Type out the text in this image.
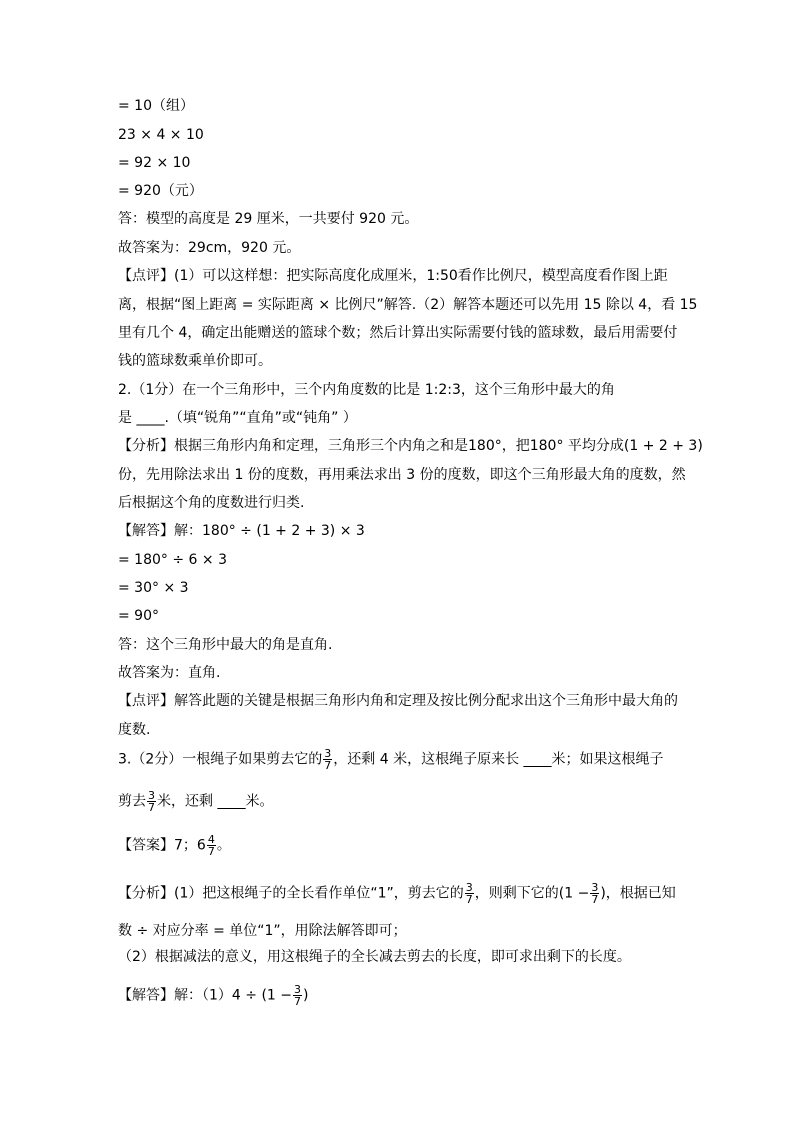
= 10（组）
23 × 4 × 10
= 92 × 10
= 920（元）
答：模型的高度是 29 厘米，一共要付 920 元。
故答案为：29cm，920 元。
【点评】(1）可以这样想：把实际高度化成厘米，1:50看作比例尺，模型高度看作图上距
离，根据“图上距离 = 实际距离 × 比例尺”解答.（2）解答本题还可以先用 15 除以 4，看 15
里有几个 4，确定出能赠送的篮球个数；然后计算出实际需要付钱的篮球数，最后用需要付
钱的篮球数乘单价即可。
2.（1分）在一个三角形中，三个内角度数的比是 1:2:3，这个三角形中最大的角
是 ____.（填“锐角”“直角”或“钝角” ）
【分析】根据三角形内角和定理，三角形三个内角之和是180°，把180° 平均分成(1 + 2 + 3)
份，先用除法求出 1 份的度数，再用乘法求出 3 份的度数，即这个三角形最大角的度数，然
后根据这个角的度数进行归类.
【解答】解：180° ÷ (1 + 2 + 3) × 3
= 180° ÷ 6 × 3
= 30° × 3
= 90°
答：这个三角形中最大的角是直角.
故答案为：直角.
【点评】解答此题的关键是根据三角形内角和定理及按比例分配求出这个三角形中最大角的
度数.
3.（2分）一根绳子如果剪去它的 $\frac{3}{7}$ ，还剩 4 米，这根绳子原来长 ____米；如果这根绳子
剪去 $\frac{3}{7}$ 米，还剩 ____米。
【答案】7；$6 \frac{4}{7}$ 。
【分析】(1）把这根绳子的全长看作单位“1”，剪去它的 $\frac{3}{7}$ ，则剩下它的($1 - \frac{3}{7}$ )，根据已知
数 ÷ 对应分率 = 单位“1”，用除法解答即可；
（2）根据减法的意义，用这根绳子的全长减去剪去的长度，即可求出剩下的长度。
【解答】解：$(1)4 \div (1 - \frac{3}{7}$ )
